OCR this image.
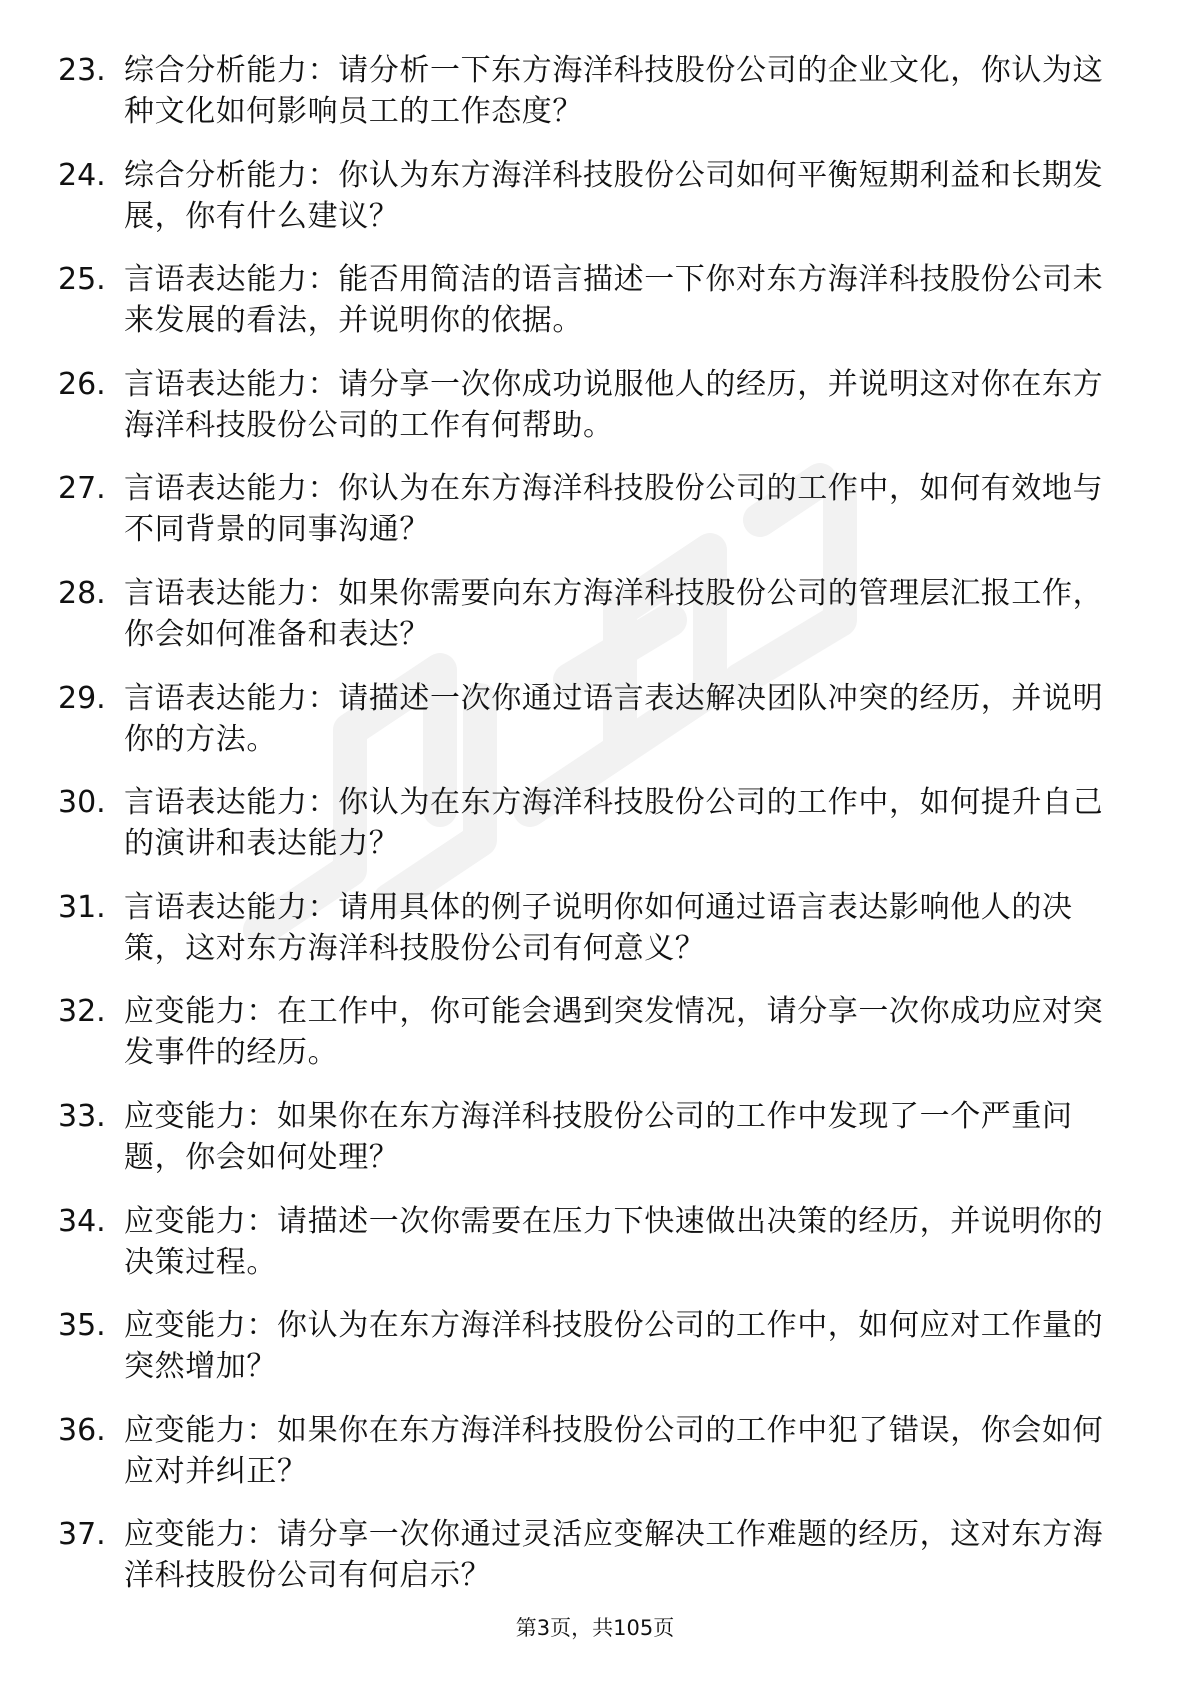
23. 综合分析能力：请分析一下东方海洋科技股份公司的企业文化，你认为这种文化如何影响员工的工作态度？
24. 综合分析能力：你认为东方海洋科技股份公司如何平衡短期利益和长期发展，你有什么建议？
25. 言语表达能力：能否用简洁的语言描述一下你对东方海洋科技股份公司未来发展的看法，并说明你的依据。
26. 言语表达能力：请分享一次你成功说服他人的经历，并说明这对你在东方海洋科技股份公司的工作有何帮助。
27. 言语表达能力：你认为在东方海洋科技股份公司的工作中，如何有效地与不同背景的同事沟通？
28. 言语表达能力：如果你需要向东方海洋科技股份公司的管理层汇报工作，你会如何准备和表达？
29. 言语表达能力：请描述一次你通过语言表达解决团队冲突的经历，并说明你的方法。
30. 言语表达能力：你认为在东方海洋科技股份公司的工作中，如何提升自己的演讲和表达能力？
31. 言语表达能力：请用具体的例子说明你如何通过语言表达影响他人的决策，这对东方海洋科技股份公司有何意义？
32. 应变能力：在工作中，你可能会遇到突发情况，请分享一次你成功应对突发事件的经历。
33. 应变能力：如果你在东方海洋科技股份公司的工作中发现了一个严重问题，你会如何处理？
34. 应变能力：请描述一次你需要在压力下快速做出决策的经历，并说明你的决策过程。
35. 应变能力：你认为在东方海洋科技股份公司的工作中，如何应对工作量的突然增加？
36. 应变能力：如果你在东方海洋科技股份公司的工作中犯了错误，你会如何应对并纠正？
37. 应变能力：请分享一次你通过灵活应变解决工作难题的经历，这对东方海洋科技股份公司有何启示？
第3页，共105页
